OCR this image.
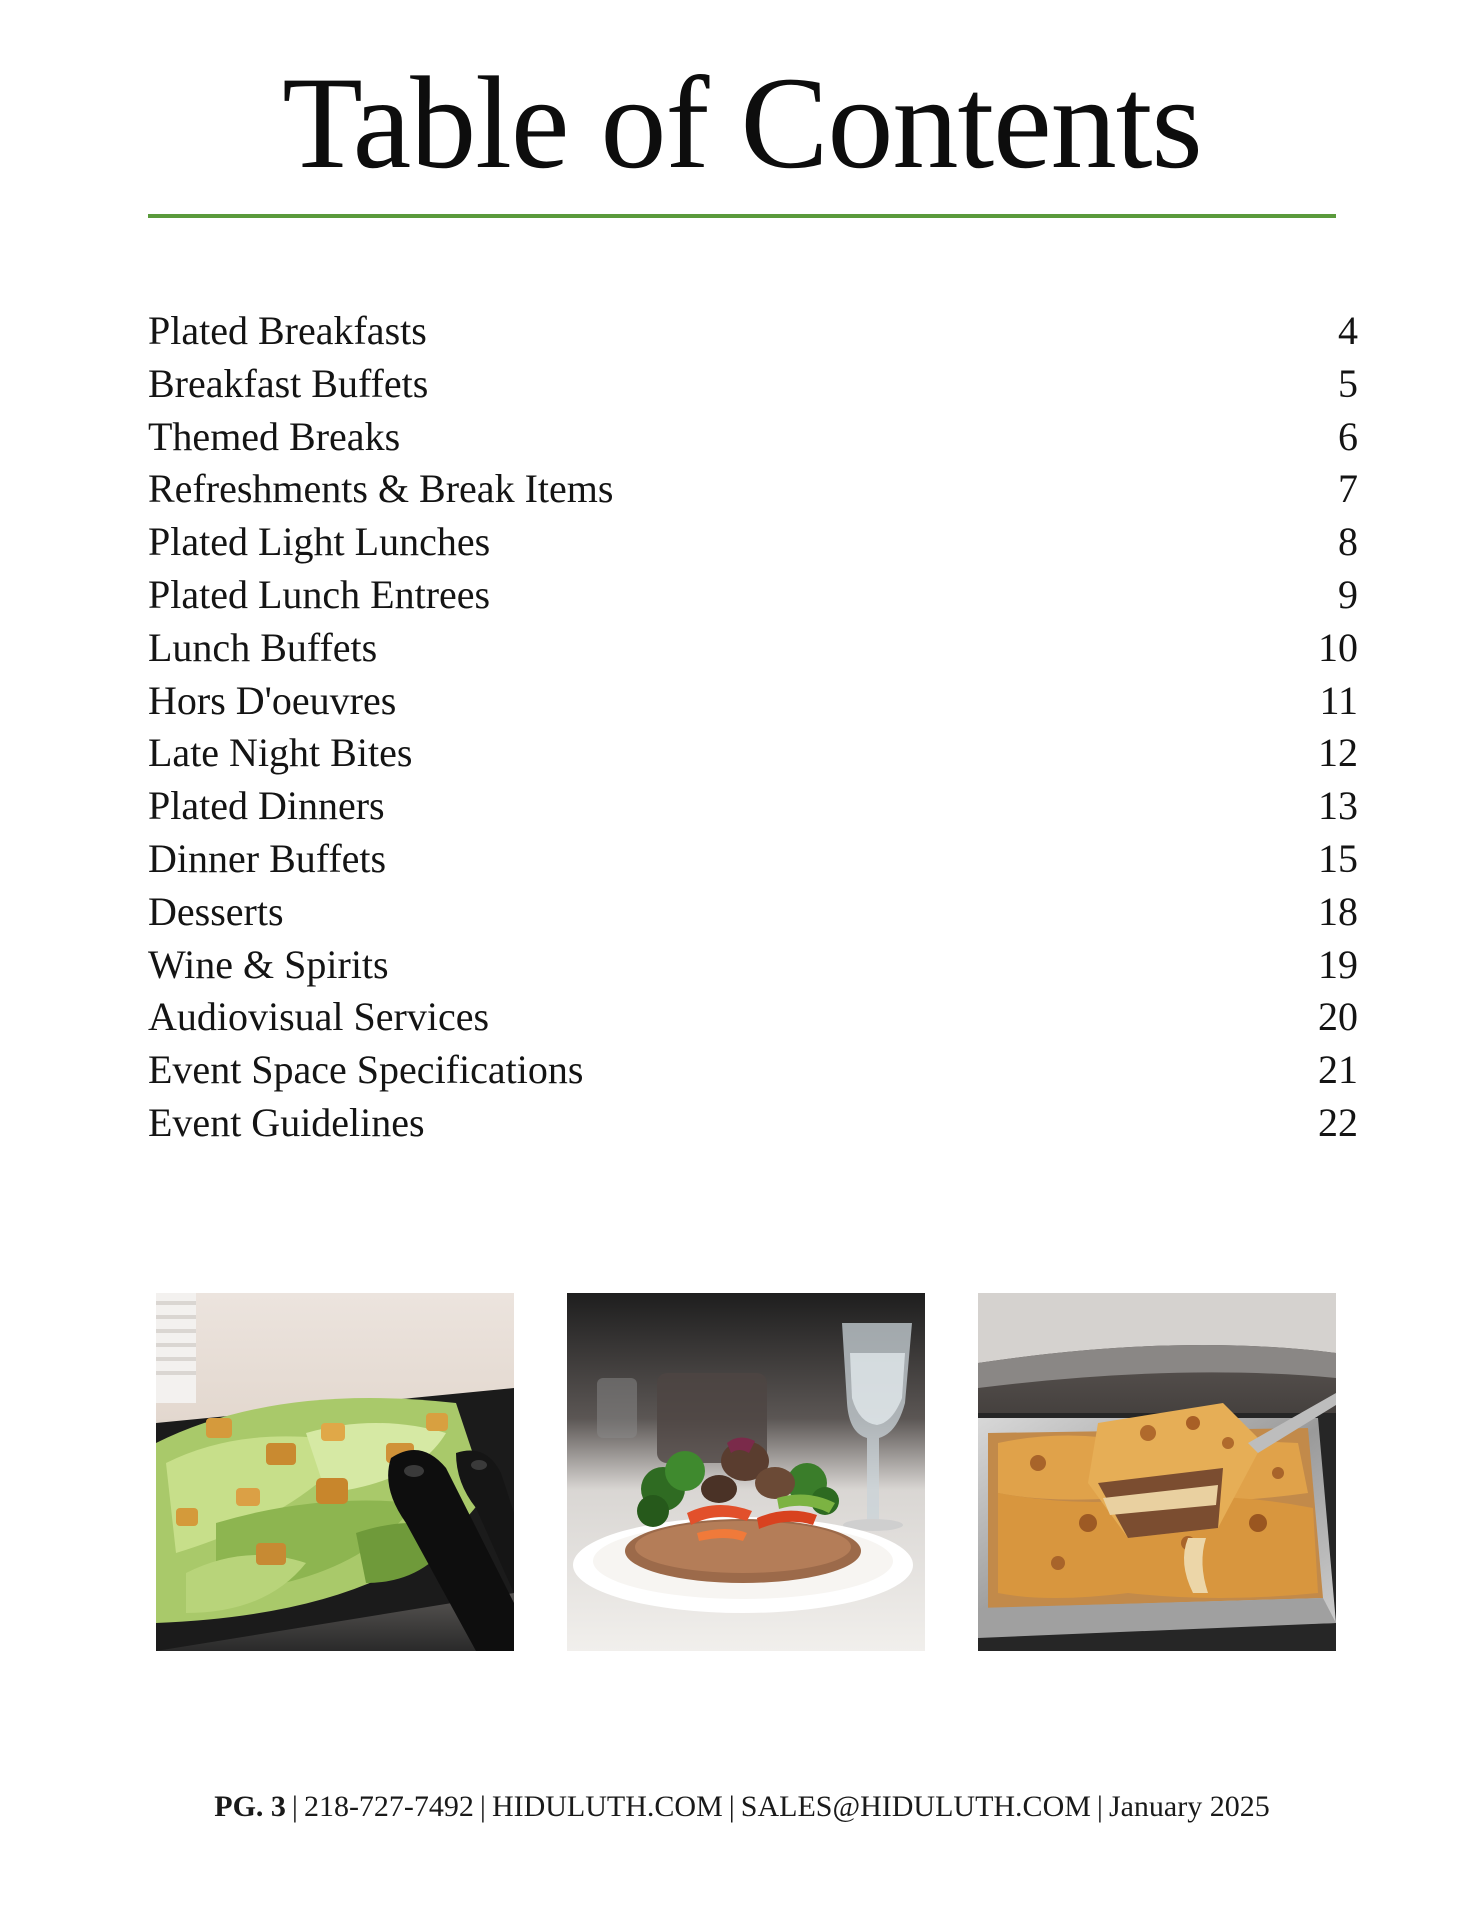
Table of Contents
Plated Breakfasts	4
Breakfast Buffets	5
Themed Breaks	6
Refreshments & Break Items	7
Plated Light Lunches	8
Plated Lunch Entrees	9
Lunch Buffets	10
Hors D'oeuvres	11
Late Night Bites	12
Plated Dinners	13
Dinner Buffets	15
Desserts	18
Wine & Spirits	19
Audiovisual Services	20
Event Space Specifications	21
Event Guidelines	22
PG. 3 | 218-727-7492 | HIDULUTH.COM | SALES@HIDULUTH.COM | January 2025
